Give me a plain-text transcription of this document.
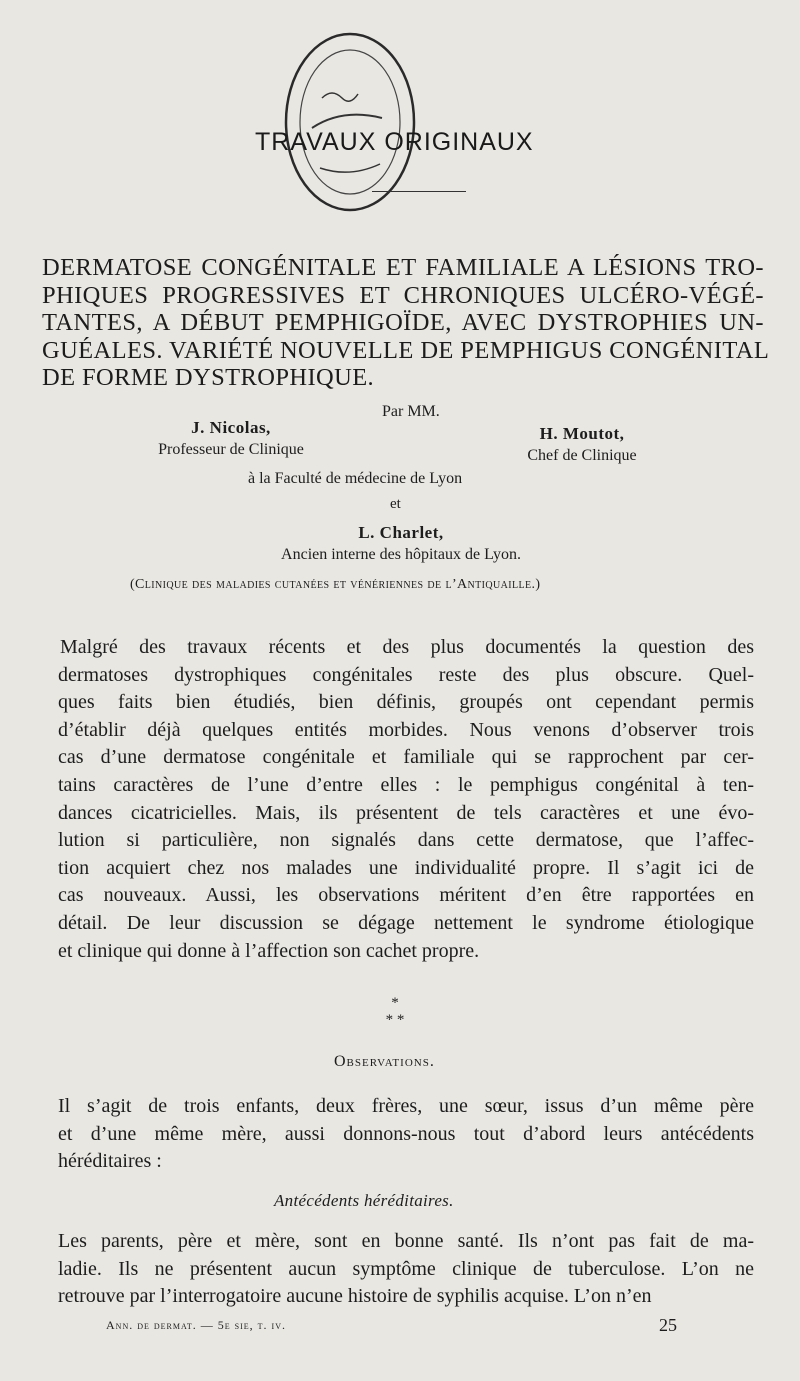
TRAVAUX ORIGINAUX
DERMATOSE CONGÉNITALE ET FAMILIALE A LÉSIONS TRO-
PHIQUES PROGRESSIVES ET CHRONIQUES ULCÉRO-VÉGÉ-
TANTES, A DÉBUT PEMPHIGOÏDE, AVEC DYSTROPHIES UN-
GUÉALES. VARIÉTÉ NOUVELLE DE PEMPHIGUS CONGÉNITAL
DE FORME DYSTROPHIQUE.
Par MM.
J. Nicolas,
Professeur de Clinique
H. Moutot,
Chef de Clinique
à la Faculté de médecine de Lyon
et
L. Charlet,
Ancien interne des hôpitaux de Lyon.
(Clinique des maladies cutanées et vénériennes de l’Antiquaille.)
Malgré des travaux récents et des plus documentés la question des
dermatoses dystrophiques congénitales reste des plus obscure. Quel-
ques faits bien étudiés, bien définis, groupés ont cependant permis
d’établir déjà quelques entités morbides. Nous venons d’observer trois
cas d’une dermatose congénitale et familiale qui se rapprochent par cer-
tains caractères de l’une d’entre elles : le pemphigus congénital à ten-
dances cicatricielles. Mais, ils présentent de tels caractères et une évo-
lution si particulière, non signalés dans cette dermatose, que l’affec-
tion acquiert chez nos malades une individualité propre. Il s’agit ici de
cas nouveaux. Aussi, les observations méritent d’en être rapportées en
détail. De leur discussion se dégage nettement le syndrome étiologique
et clinique qui donne à l’affection son cachet propre.
*
* *
Observations.
Il s’agit de trois enfants, deux frères, une sœur, issus d’un même père
et d’une même mère, aussi donnons-nous tout d’abord leurs antécédents
héréditaires :
Antécédents héréditaires.
Les parents, père et mère, sont en bonne santé. Ils n’ont pas fait de ma-
ladie. Ils ne présentent aucun symptôme clinique de tuberculose. L’on ne
retrouve par l’interrogatoire aucune histoire de syphilis acquise. L’on n’en
Ann. de dermat. — 5e sie, t. iv.	25
